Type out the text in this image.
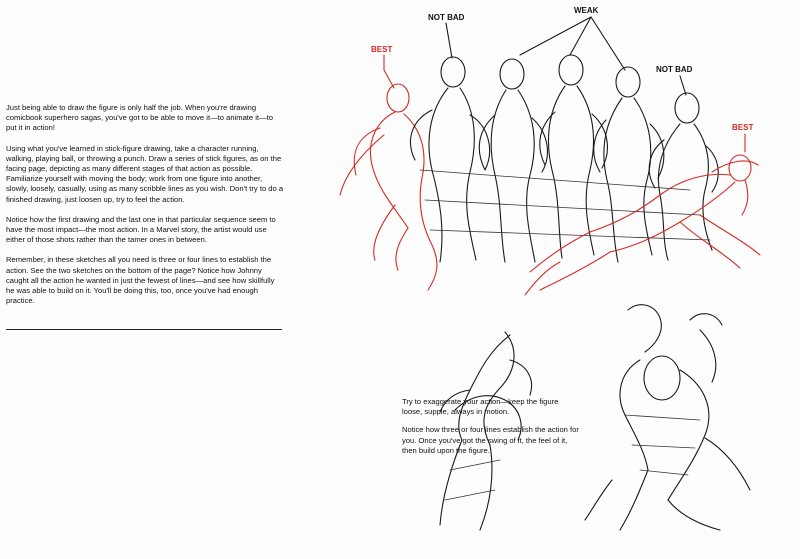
Just being able to draw the figure is only half the job. When you're drawing comicbook superhero sagas, you've got to be able to move it—to animate it—to put it in action!

Using what you've learned in stick-figure drawing, take a character running, walking, playing ball, or throwing a punch. Draw a series of stick figures, as on the facing page, depicting as many different stages of that action as possible. Familiarize yourself with moving the body; work from one figure into another, slowly, loosely, casually, using as many scribble lines as you wish. Don't try to do a finished drawing, just loosen up, try to feel the action.

Notice how the first drawing and the last one in that particular sequence seem to have the most impact—the most action. In a Marvel story, the artist would use either of those shots rather than the tamer ones in between.

Remember, in these sketches all you need is three or four lines to establish the action. See the two sketches on the bottom of the page? Notice how Johnny caught all the action he wanted in just the fewest of lines—and see how skillfully he was able to build on it. You'll be doing this, too, once you've had enough practice.

Try to exaggerate your action—keep the figure loose, supple, always in motion.

Notice how three or four lines establish the action for you. Once you've got the swing of it, the feel of it, then build upon the figure.

BEST
NOT BAD
WEAK
NOT BAD
BEST
